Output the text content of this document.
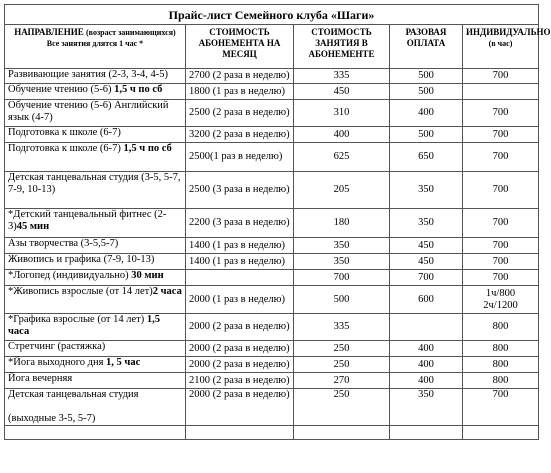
Прайс-лист Семейного клуба «Шаги»				
НАПРАВЛЕНИЕ (возраст занимающихся)
Все занятия длятся 1 час *	СТОИМОСТЬ АБОНЕМЕНТА НА МЕСЯЦ	СТОИМОСТЬ ЗАНЯТИЯ В АБОНЕМЕНТЕ	РАЗОВАЯ ОПЛАТА	ИНДИВИДУАЛЬНО
(в час)
Развивающие занятия (2-3, 3-4, 4-5)	2700 (2 раза в неделю)	335	500	700
Обучение чтению (5-6) 1,5 ч по сб	1800 (1 раз в неделю)	450	500	
Обучение чтению (5-6) Английский язык (4-7)	2500 (2 раза в неделю)	310	400	700
Подготовка к школе (6-7)	3200 (2 раза в неделю)	400	500	700
Подготовка к школе (6-7) 1,5 ч по сб	2500(1 раз в неделю)	625	650	700
Детская танцевальная студия (3-5, 5-7, 7-9, 10-13)	2500 (3 раза в неделю)	205	350	700
*Детский танцевальный фитнес (2-3)45 мин	2200 (3 раза в неделю)	180	350	700
Азы творчества (3-5,5-7)	1400 (1 раз в неделю)	350	450	700
Живопись и графика (7-9, 10-13)	1400 (1 раз в неделю)	350	450	700
*Логопед (индивидуально) 30 мин		700	700	700
*Живопись взрослые (от 14 лет)2 часа	2000 (1 раз в неделю)	500	600	1ч/800
2ч/1200
*Графика взрослые (от 14 лет) 1,5 часа	2000 (2 раза в неделю)	335		800
Стретчинг (растяжка)	2000 (2 раза в неделю)	250	400	800
*Йога выходного дня 1, 5 час	2000 (2 раза в неделю)	250	400	800
Йога вечерняя	2100 (2 раза в неделю)	270	400	800
Детская танцевальная студия

(выходные 3-5, 5-7)	2000 (2 раза в неделю)	250	350	700
